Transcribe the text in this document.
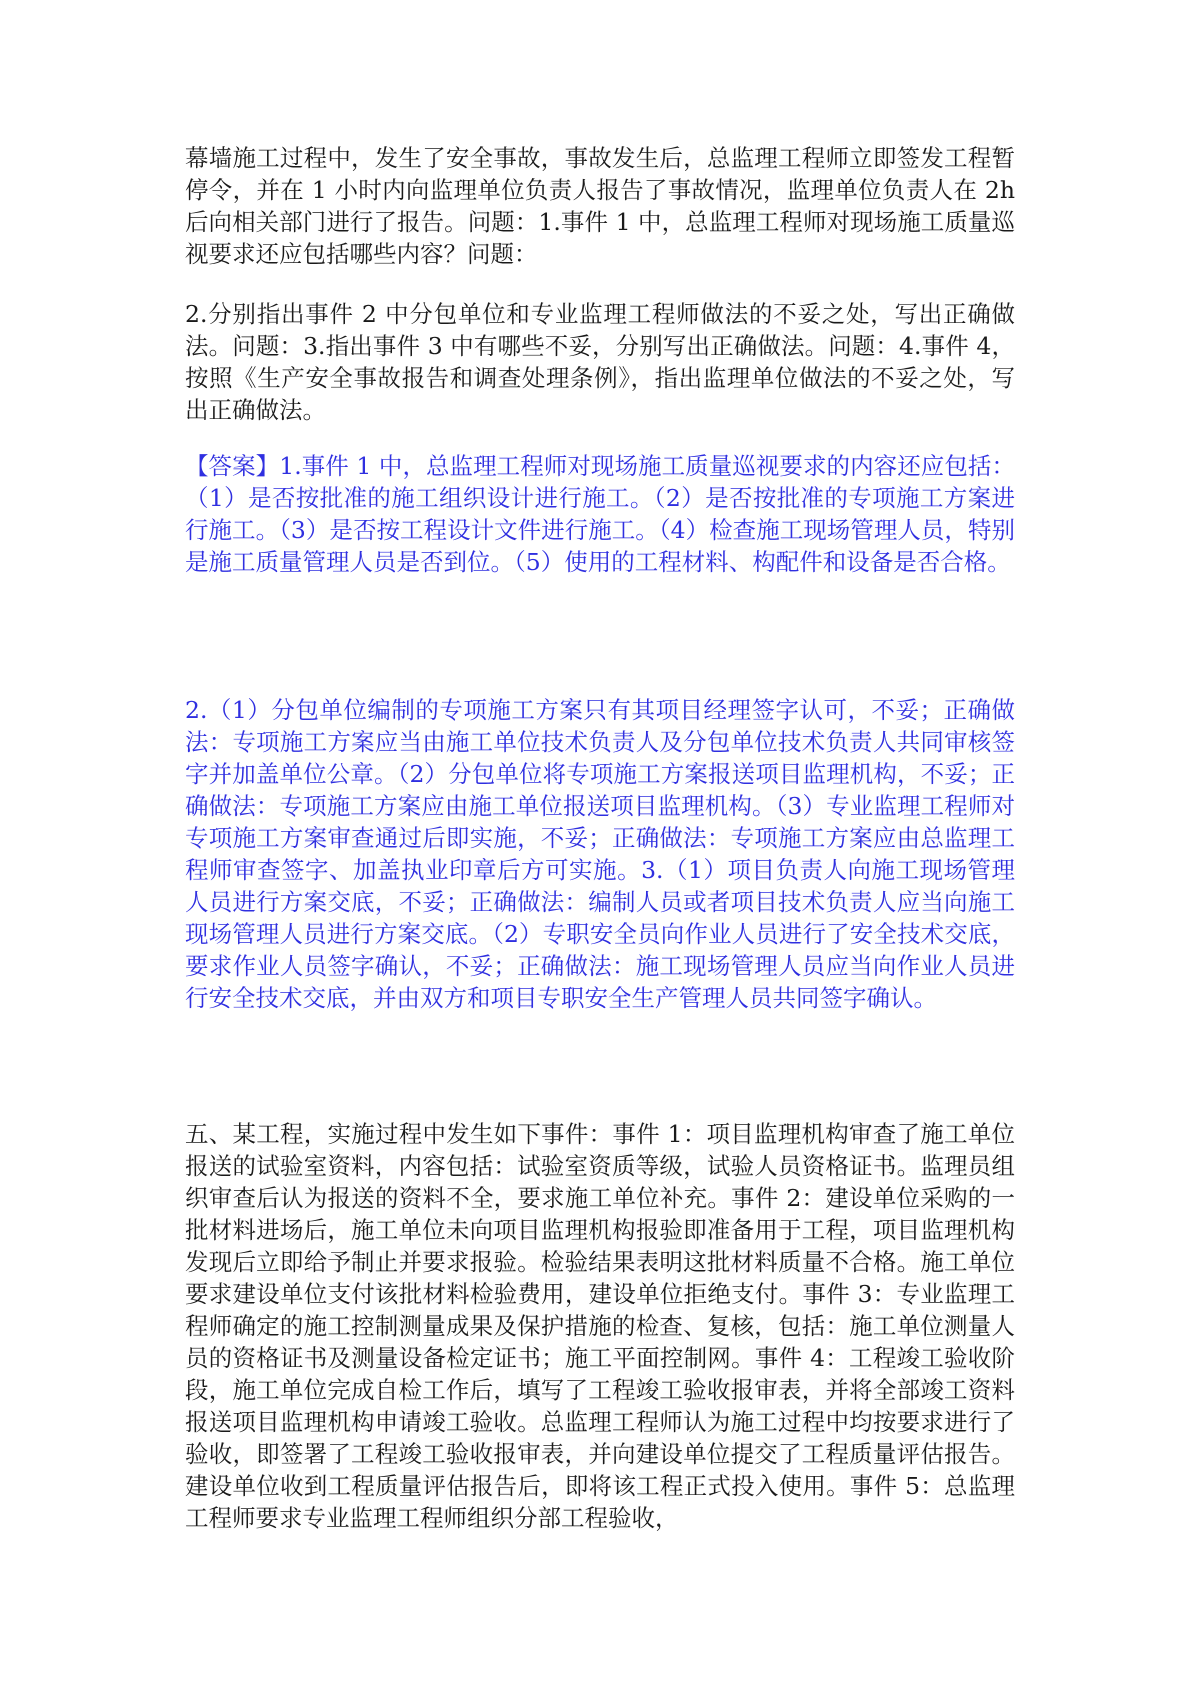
幕墙施工过程中，发生了安全事故，事故发生后，总监理工程师立即签发工程暂停令，并在 1 小时内向监理单位负责人报告了事故情况，监理单位负责人在 2h 后向相关部门进行了报告。问题：1.事件 1 中，总监理工程师对现场施工质量巡视要求还应包括哪些内容？问题：

2.分别指出事件 2 中分包单位和专业监理工程师做法的不妥之处，写出正确做法。问题：3.指出事件 3 中有哪些不妥，分别写出正确做法。问题：4.事件 4，按照《生产安全事故报告和调查处理条例》，指出监理单位做法的不妥之处，写出正确做法。

【答案】1.事件 1 中，总监理工程师对现场施工质量巡视要求的内容还应包括：（1）是否按批准的施工组织设计进行施工。（2）是否按批准的专项施工方案进行施工。（3）是否按工程设计文件进行施工。（4）检查施工现场管理人员，特别是施工质量管理人员是否到位。（5）使用的工程材料、构配件和设备是否合格。

2.（1）分包单位编制的专项施工方案只有其项目经理签字认可，不妥；正确做法：专项施工方案应当由施工单位技术负责人及分包单位技术负责人共同审核签字并加盖单位公章。（2）分包单位将专项施工方案报送项目监理机构，不妥；正确做法：专项施工方案应由施工单位报送项目监理机构。（3）专业监理工程师对专项施工方案审查通过后即实施，不妥；正确做法：专项施工方案应由总监理工程师审查签字、加盖执业印章后方可实施。3.（1）项目负责人向施工现场管理人员进行方案交底，不妥；正确做法：编制人员或者项目技术负责人应当向施工现场管理人员进行方案交底。（2）专职安全员向作业人员进行了安全技术交底，要求作业人员签字确认，不妥；正确做法：施工现场管理人员应当向作业人员进行安全技术交底，并由双方和项目专职安全生产管理人员共同签字确认。

五、某工程，实施过程中发生如下事件：事件 1：项目监理机构审查了施工单位报送的试验室资料，内容包括：试验室资质等级，试验人员资格证书。监理员组织审查后认为报送的资料不全，要求施工单位补充。事件 2：建设单位采购的一批材料进场后，施工单位未向项目监理机构报验即准备用于工程，项目监理机构发现后立即给予制止并要求报验。检验结果表明这批材料质量不合格。施工单位要求建设单位支付该批材料检验费用，建设单位拒绝支付。事件 3：专业监理工程师确定的施工控制测量成果及保护措施的检查、复核，包括：施工单位测量人员的资格证书及测量设备检定证书；施工平面控制网。事件 4：工程竣工验收阶段，施工单位完成自检工作后，填写了工程竣工验收报审表，并将全部竣工资料报送项目监理机构申请竣工验收。总监理工程师认为施工过程中均按要求进行了验收，即签署了工程竣工验收报审表，并向建设单位提交了工程质量评估报告。建设单位收到工程质量评估报告后，即将该工程正式投入使用。事件 5：总监理工程师要求专业监理工程师组织分部工程验收，
